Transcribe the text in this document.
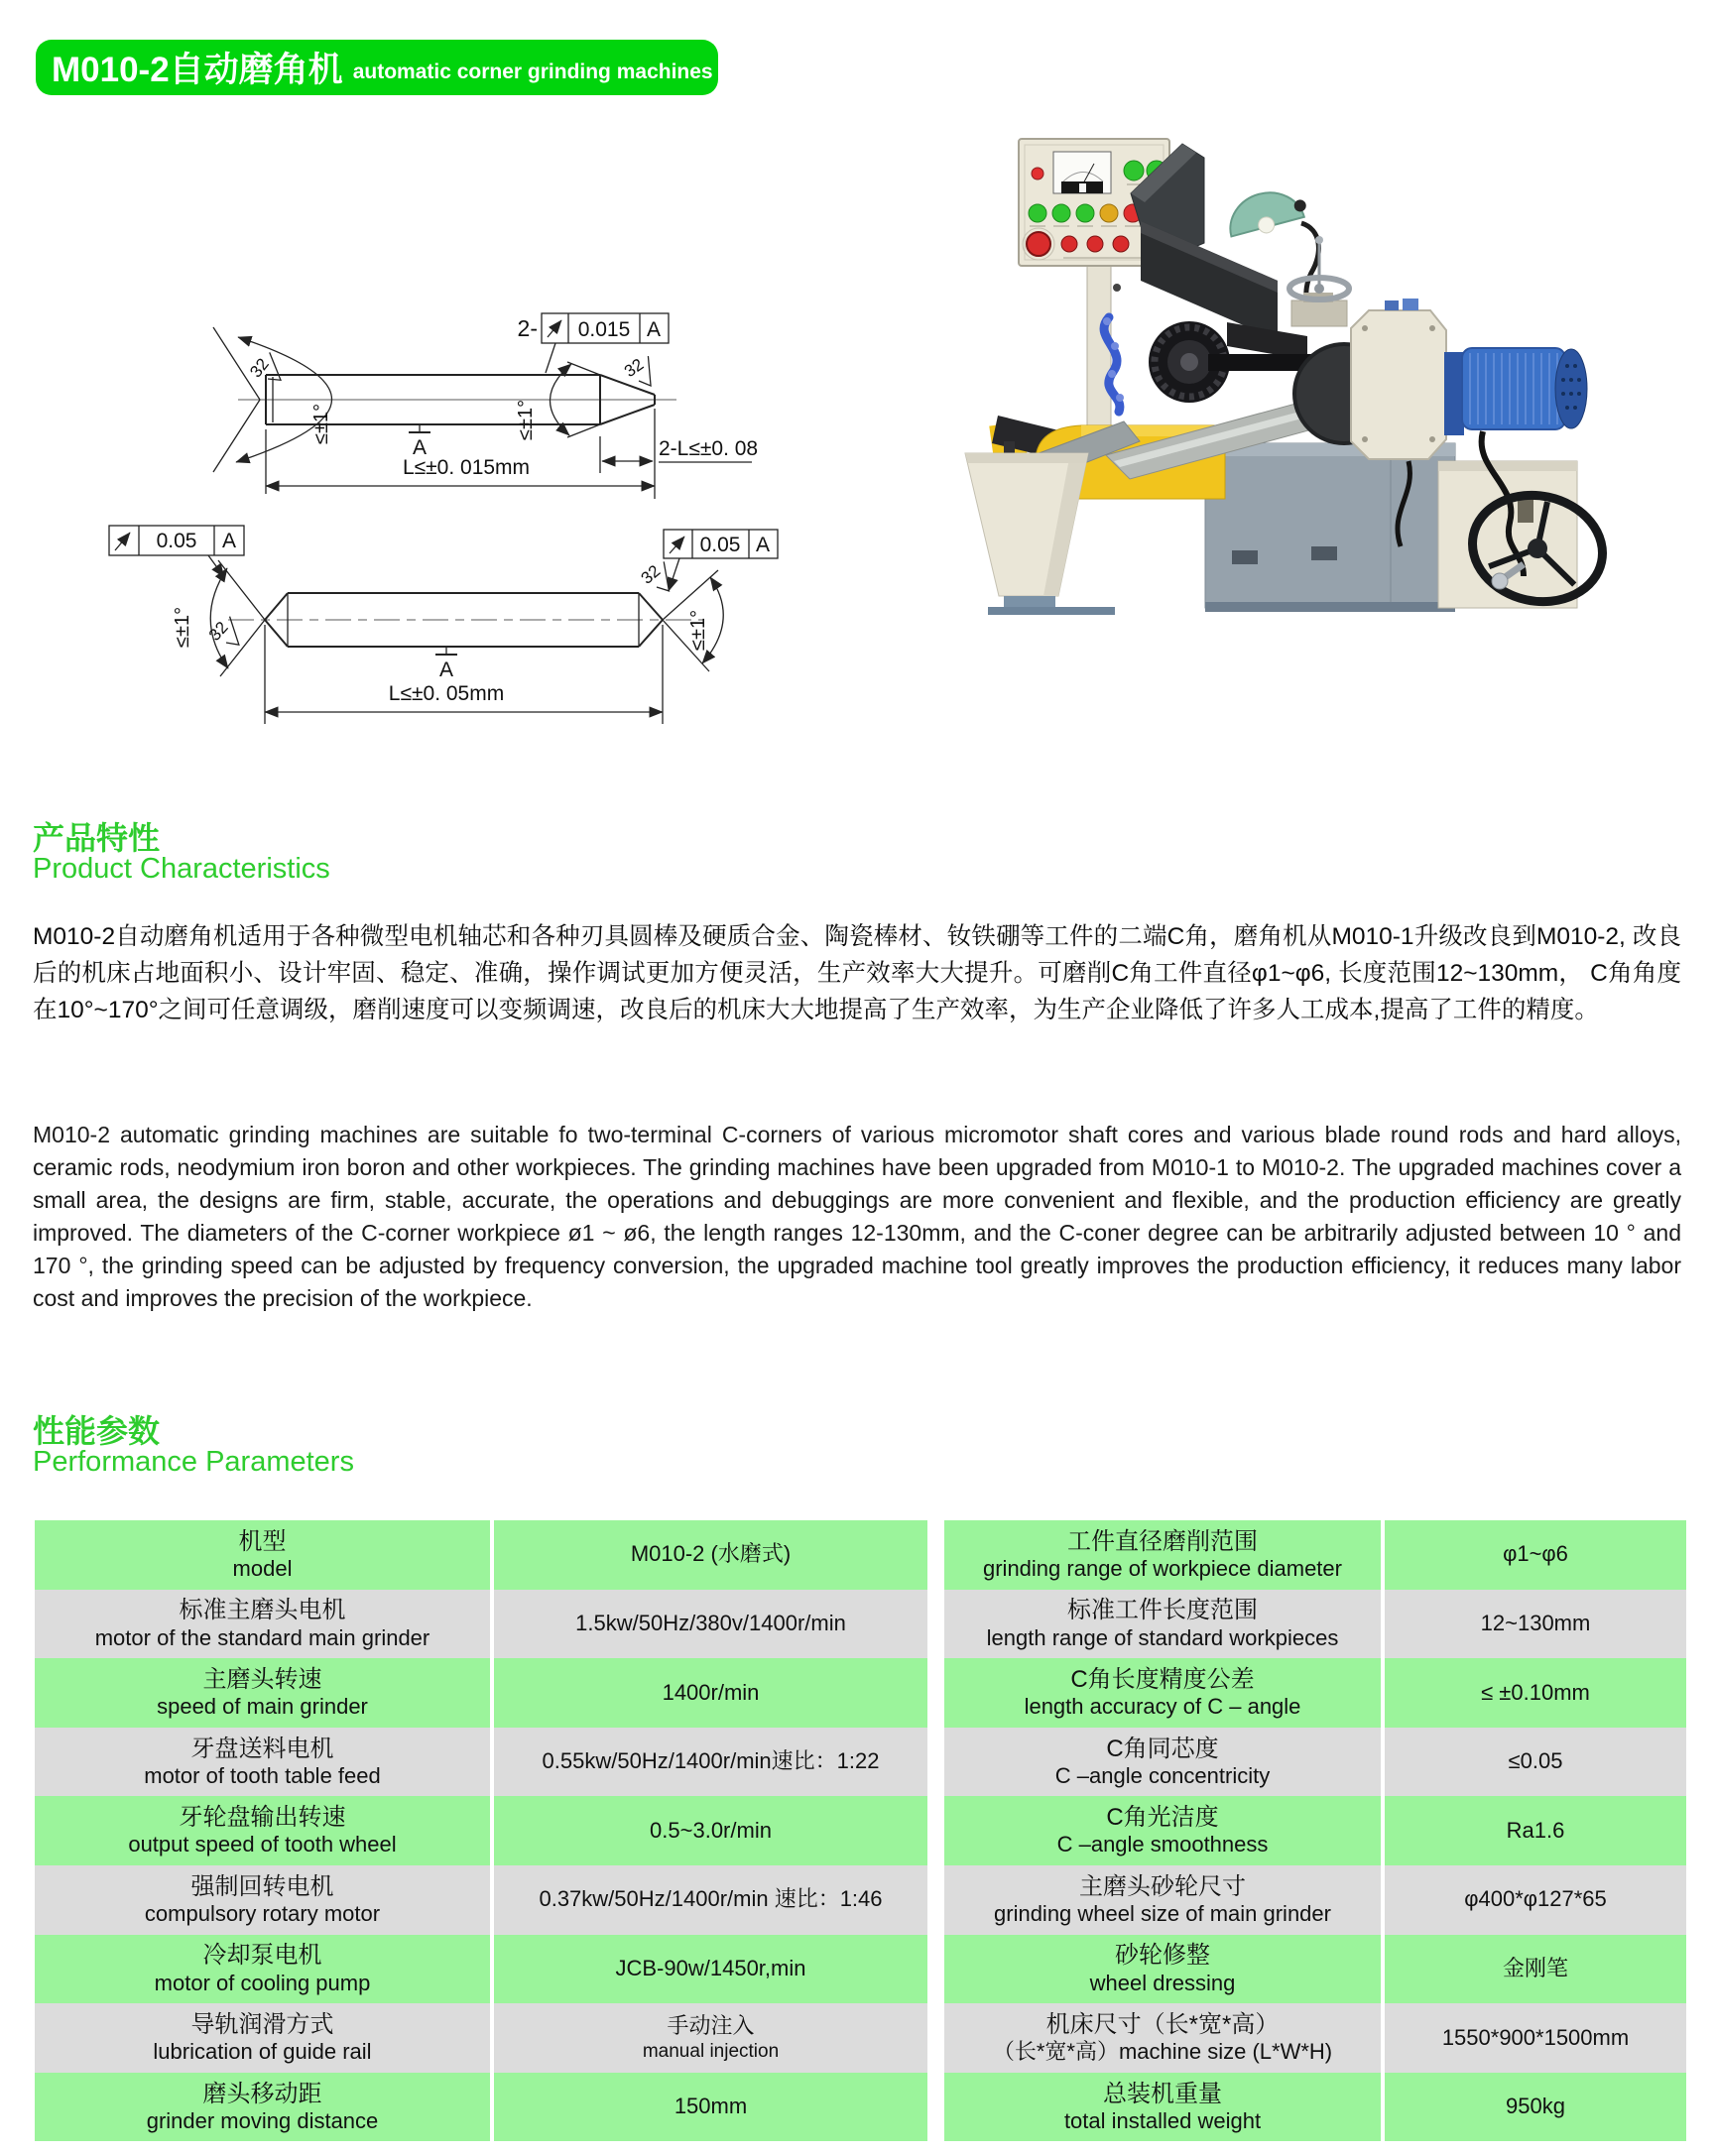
M010-2自动磨角机 automatic corner grinding machines
≤±1°
32
≤±1°
32
2- 0.015 A
A
L≤±0. 015mm
2-L≤±0. 08
≤±1° 32	≤±1°
32
0.05 A	0.05 A
A
L≤±0. 05mm
产品特性
Product Characteristics
M010-2自动磨角机适用于各种微型电机轴芯和各种刃具圆棒及硬质合金、陶瓷棒材、钕铁硼等工件的二端C角，磨角机从M010-1升级改良到M010-2, 改良后的机床占地面积小、设计牢固、稳定、准确，操作调试更加方便灵活，生产效率大大提升。可磨削C角工件直径φ1~φ6, 长度范围12~130mm， C角角度在10°~170°之间可任意调级，磨削速度可以变频调速，改良后的机床大大地提高了生产效率，为生产企业降低了许多人工成本,提高了工件的精度。
M010-2 automatic grinding machines are suitable fo two-terminal C-corners of various micromotor shaft cores and various blade round rods and hard alloys, ceramic rods, neodymium iron boron and other workpieces. The grinding machines have been upgraded from M010-1 to M010-2. The upgraded machines cover a small area, the designs are firm, stable, accurate, the operations and debuggings are more convenient and flexible, and the production efficiency are greatly improved. The diameters of the C-corner workpiece ø1 ~ ø6, the length ranges 12-130mm, and the C-coner degree can be arbitrarily adjusted between 10 ° and 170 °, the grinding speed can be adjusted by frequency conversion, the upgraded machine tool greatly improves the production efficiency, it reduces many labor cost and improves the precision of the workpiece.
性能参数
Performance Parameters
机型
model
M010-2 (水磨式)
标准主磨头电机
motor of the standard main grinder
1.5kw/50Hz/380v/1400r/min
主磨头转速
speed of main grinder
1400r/min
牙盘送料电机
motor of tooth table feed
0.55kw/50Hz/1400r/min速比：1:22
牙轮盘输出转速
output speed of tooth wheel
0.5~3.0r/min
强制回转电机
compulsory rotary motor
0.37kw/50Hz/1400r/min 速比：1:46
冷却泵电机
motor of cooling pump
JCB-90w/1450r,min
导轨润滑方式
lubrication of guide rail
手动注入
manual injection
磨头移动距
grinder moving distance
150mm
工件直径磨削范围
grinding range of workpiece diameter
φ1~φ6
标准工件长度范围
length range of standard workpieces
12~130mm
C角长度精度公差
length accuracy of C – angle
≤ ±0.10mm
C角同芯度
C –angle concentricity
≤0.05
C角光洁度
C –angle smoothness
Ra1.6
主磨头砂轮尺寸
grinding wheel size of main grinder
φ400*φ127*65
砂轮修整
wheel dressing
金刚笔
机床尺寸（长*宽*高）
（长*宽*高）machine size (L*W*H)
1550*900*1500mm
总装机重量
total installed weight
950kg
